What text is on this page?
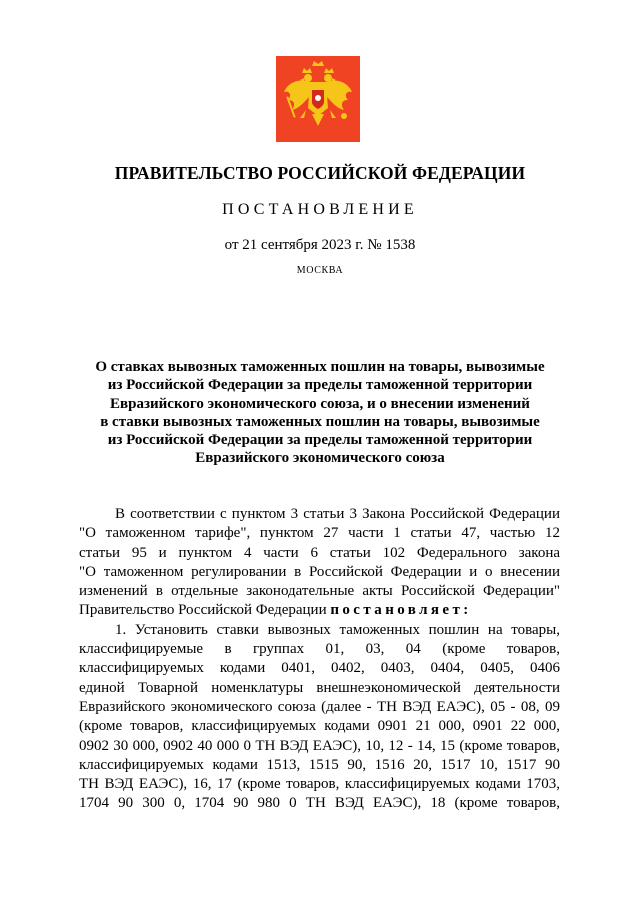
ПРАВИТЕЛЬСТВО РОССИЙСКОЙ ФЕДЕРАЦИИ
ПОСТАНОВЛЕНИЕ
от 21 сентября 2023 г. № 1538
МОСКВА
О ставках вывозных таможенных пошлин на товары, вывозимые
из Российской Федерации за пределы таможенной территории
Евразийского экономического союза, и о внесении изменений
в ставки вывозных таможенных пошлин на товары, вывозимые
из Российской Федерации за пределы таможенной территории
Евразийского экономического союза
В соответствии с пунктом 3 статьи 3 Закона Российской Федерации
"О таможенном тарифе", пунктом 27 части 1 статьи 47, частью 12
статьи 95 и пунктом 4 части 6 статьи 102 Федерального закона
"О таможенном регулировании в Российской Федерации и о внесении
изменений в отдельные законодательные акты Российской Федерации"
Правительство Российской Федерации постановляет:
1. Установить ставки вывозных таможенных пошлин на товары,
классифицируемые в группах 01, 03, 04 (кроме товаров,
классифицируемых кодами 0401, 0402, 0403, 0404, 0405, 0406
единой Товарной номенклатуры внешнеэкономической деятельности
Евразийского экономического союза (далее - ТН ВЭД ЕАЭС), 05 - 08, 09
(кроме товаров, классифицируемых кодами 0901 21 000, 0901 22 000,
0902 30 000, 0902 40 000 0 ТН ВЭД ЕАЭС), 10, 12 - 14, 15 (кроме товаров,
классифицируемых кодами 1513, 1515 90, 1516 20, 1517 10, 1517 90
ТН ВЭД ЕАЭС), 16, 17 (кроме товаров, классифицируемых кодами 1703,
1704 90 300 0, 1704 90 980 0 ТН ВЭД ЕАЭС), 18 (кроме товаров,
